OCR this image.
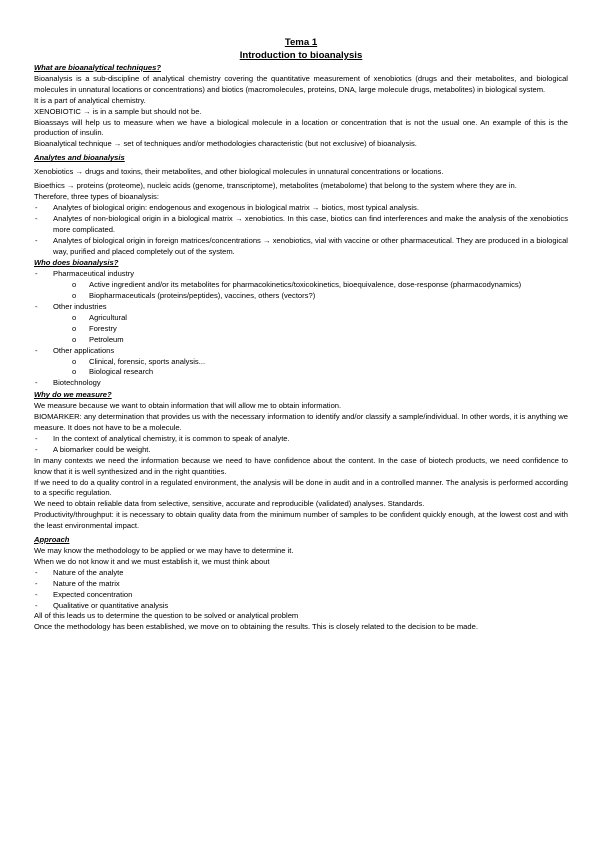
Tema 1
Introduction to bioanalysis
What are bioanalytical techniques?

Bioanalysis is a sub-discipline of analytical chemistry covering the quantitative measurement of xenobiotics (drugs and their metabolites, and biological molecules in unnatural locations or concentrations) and biotics (macromolecules, proteins, DNA, large molecule drugs, metabolites) in biological system.

It is a part of analytical chemistry.

XENOBIOTIC → is in a sample but should not be.

Bioassays will help us to measure when we have a biological molecule in a location or concentration that is not the usual one. An example of this is the production of insulin.

Bioanalytical technique → set of techniques and/or methodologies characteristic (but not exclusive) of bioanalysis.

Analytes and bioanalysis

Xenobiotics → drugs and toxins, their metabolites, and other biological molecules in unnatural concentrations or locations.

Bioethics → proteins (proteome), nucleic acids (genome, transcriptome), metabolites (metabolome) that belong to the system where they are in.

Therefore, three types of bioanalysis:

- Analytes of biological origin: endogenous and exogenous in biological matrix → biotics, most typical analysis.
- Analytes of non-biological origin in a biological matrix → xenobiotics. In this case, biotics can find interferences and make the analysis of the xenobiotics more complicated.
- Analytes of biological origin in foreign matrices/concentrations → xenobiotics, vial with vaccine or other pharmaceutical. They are produced in a biological way, purified and placed completely out of the system.
Who does bioanalysis?
- Pharmaceutical industry
o Active ingredient and/or its metabolites for pharmacokinetics/toxicokinetics, bioequivalence, dose-response (pharmacodynamics)
o Biopharmaceuticals (proteins/peptides), vaccines, others (vectors?)
- Other industries
o Agricultural
o Forestry
o Petroleum
- Other applications
o Clinical, forensic, sports analysis...
o Biological research
- Biotechnology
Why do we measure?

We measure because we want to obtain information that will allow me to obtain information.

BIOMARKER: any determination that provides us with the necessary information to identify and/or classify a sample/individual. In other words, it is anything we measure. It does not have to be a molecule.

- In the context of analytical chemistry, it is common to speak of analyte.
- A biomarker could be weight.

In many contexts we need the information because we need to have confidence about the content. In the case of biotech products, we need confidence to know that it is well synthesized and in the right quantities.

If we need to do a quality control in a regulated environment, the analysis will be done in audit and in a controlled manner. The analysis is performed according to a specific regulation.

We need to obtain reliable data from selective, sensitive, accurate and reproducible (validated) analyses. Standards.

Productivity/throughput: it is necessary to obtain quality data from the minimum number of samples to be confident quickly enough, at the lowest cost and with the least environmental impact.

Approach

We may know the methodology to be applied or we may have to determine it.

When we do not know it and we must establish it, we must think about

- Nature of the analyte
- Nature of the matrix
- Expected concentration
- Qualitative or quantitative analysis

All of this leads us to determine the question to be solved or analytical problem

Once the methodology has been established, we move on to obtaining the results. This is closely related to the decision to be made.
